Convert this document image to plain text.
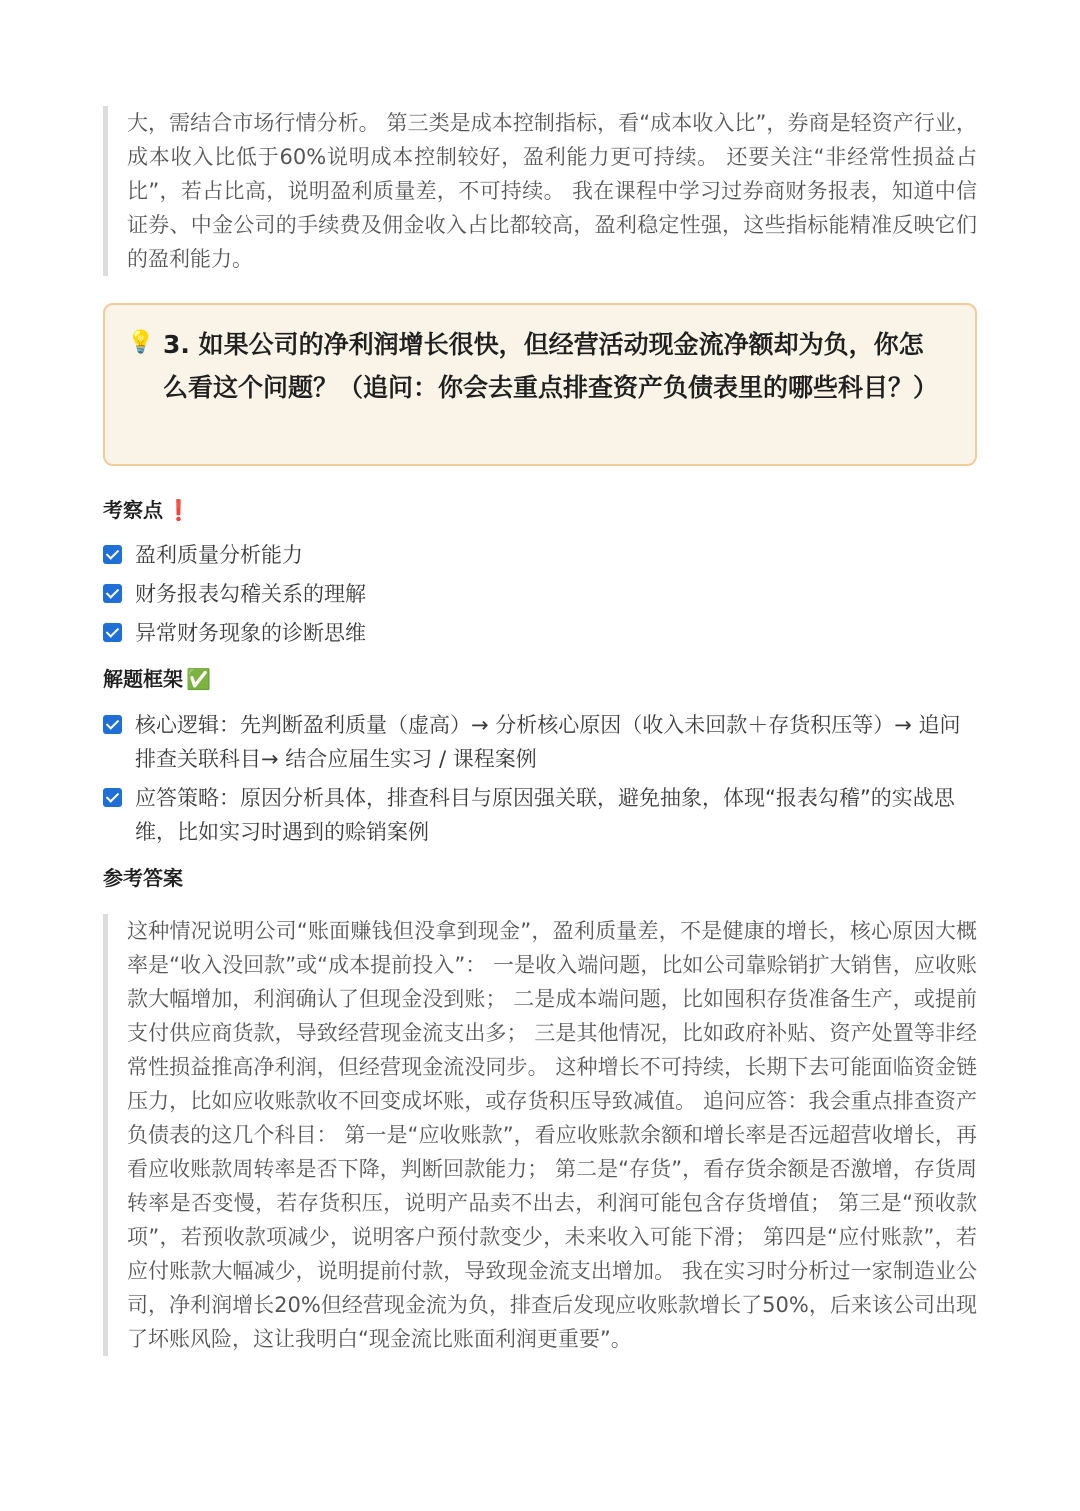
大，需结合市场行情分析。 第三类是成本控制指标，看“成本收入比”，券商是轻资产行业，成本收入比低于60%说明成本控制较好，盈利能力更可持续。 还要关注“非经常性损益占比”，若占比高，说明盈利质量差，不可持续。 我在课程中学习过券商财务报表，知道中信证券、中金公司的手续费及佣金收入占比都较高，盈利稳定性强，这些指标能精准反映它们的盈利能力。

💡 3. 如果公司的净利润增长很快，但经营活动现金流净额却为负，你怎么看这个问题？（追问：你会去重点排查资产负债表里的哪些科目？）
考察点 ❗
盈利质量分析能力
财务报表勾稽关系的理解
异常财务现象的诊断思维
解题框架 ✅
核心逻辑：先判断盈利质量（虚高）→ 分析核心原因（收入未回款＋存货积压等）→ 追问排查关联科目→ 结合应届生实习 / 课程案例
应答策略：原因分析具体，排查科目与原因强关联，避免抽象，体现“报表勾稽”的实战思维，比如实习时遇到的赊销案例
参考答案

这种情况说明公司“账面赚钱但没拿到现金”，盈利质量差，不是健康的增长，核心原因大概率是“收入没回款”或“成本提前投入”： 一是收入端问题，比如公司靠赊销扩大销售，应收账款大幅增加，利润确认了但现金没到账； 二是成本端问题，比如囤积存货准备生产，或提前支付供应商货款，导致经营现金流支出多； 三是其他情况，比如政府补贴、资产处置等非经常性损益推高净利润，但经营现金流没同步。 这种增长不可持续，长期下去可能面临资金链压力，比如应收账款收不回变成坏账，或存货积压导致减值。 追问应答：我会重点排查资产负债表的这几个科目： 第一是“应收账款”，看应收账款余额和增长率是否远超营收增长，再看应收账款周转率是否下降，判断回款能力； 第二是“存货”，看存货余额是否激增，存货周转率是否变慢，若存货积压，说明产品卖不出去，利润可能包含存货增值； 第三是“预收款项”，若预收款项减少，说明客户预付款变少，未来收入可能下滑； 第四是“应付账款”，若应付账款大幅减少，说明提前付款，导致现金流支出增加。 我在实习时分析过一家制造业公司，净利润增长20%但经营现金流为负，排查后发现应收账款增长了50%，后来该公司出现了坏账风险，这让我明白“现金流比账面利润更重要”。
